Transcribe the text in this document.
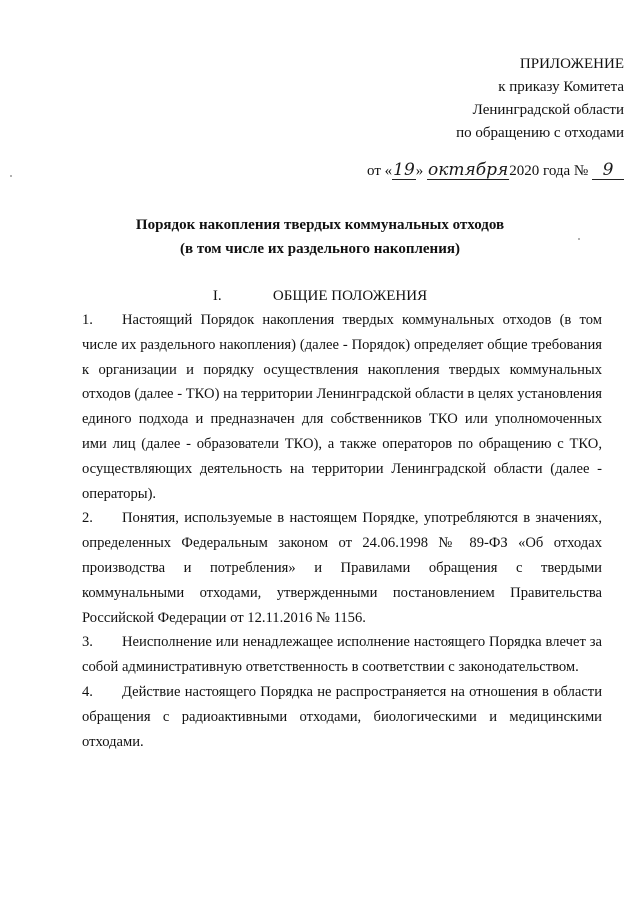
ПРИЛОЖЕНИЕ
к приказу Комитета
Ленинградской области
по обращению с отходами
от «19» октября2020 года № 9
Порядок накопления твердых коммунальных отходов
(в том числе их раздельного накопления)
I.	ОБЩИЕ ПОЛОЖЕНИЯ
1. Настоящий Порядок накопления твердых коммунальных отходов (в том числе их раздельного накопления) (далее - Порядок) определяет общие требования к организации и порядку осуществления накопления твердых коммунальных отходов (далее - ТКО) на территории Ленинградской области в целях установления единого подхода и предназначен для собственников ТКО или уполномоченных ими лиц (далее - образователи ТКО), а также операторов по обращению с ТКО, осуществляющих деятельность на территории Ленинградской области (далее - операторы).
2. Понятия, используемые в настоящем Порядке, употребляются в значениях, определенных Федеральным законом от 24.06.1998 № 89-ФЗ «Об отходах производства и потребления» и Правилами обращения с твердыми коммунальными отходами, утвержденными постановлением Правительства Российской Федерации от 12.11.2016 № 1156.
3. Неисполнение или ненадлежащее исполнение настоящего Порядка влечет за собой административную ответственность в соответствии с законодательством.
4. Действие настоящего Порядка не распространяется на отношения в области обращения с радиоактивными отходами, биологическими и медицинскими отходами.
